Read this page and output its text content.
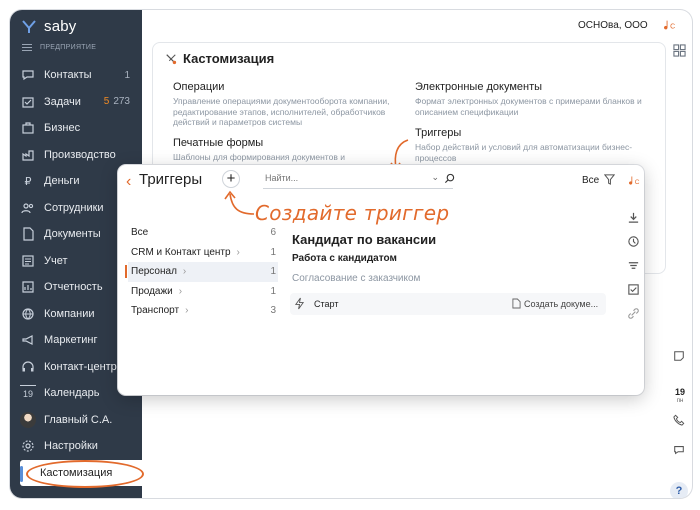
saby
ПРЕДПРИЯТИЕ
Контакты	1
Задачи 5 273
Бизнес
Производство
₽	Деньги
Сотрудники
Документы
Учет
Отчетность
Компании
Маркетинг
Контакт-центр
19 Календарь
Главный С.А.
Настройки
Кастомизация
ОСНОва, ООО	C
Кастомизация
Операции

Управление операциями документооборота компании, редактирование этапов, исполнителей, обработчиков действий и параметров системы

Электронные документы

Формат электронных документов с примерами бланков и описанием спецификации

Печатные формы

Шаблоны для формирования документов и

Триггеры

Набор действий и условий для автоматизации бизнес-процессов

‹ Триггеры	+
Найти...	⌄	Все	C
Все	6
CRM и Контакт центр ›	1
Персонал ›	1
Продажи ›	1
Транспорт ›	3
Кандидат по вакансии
Работа с кандидатом
Согласование с заказчиком
Старт	Создать докуме...
Создайте триггер
19
пн
?
